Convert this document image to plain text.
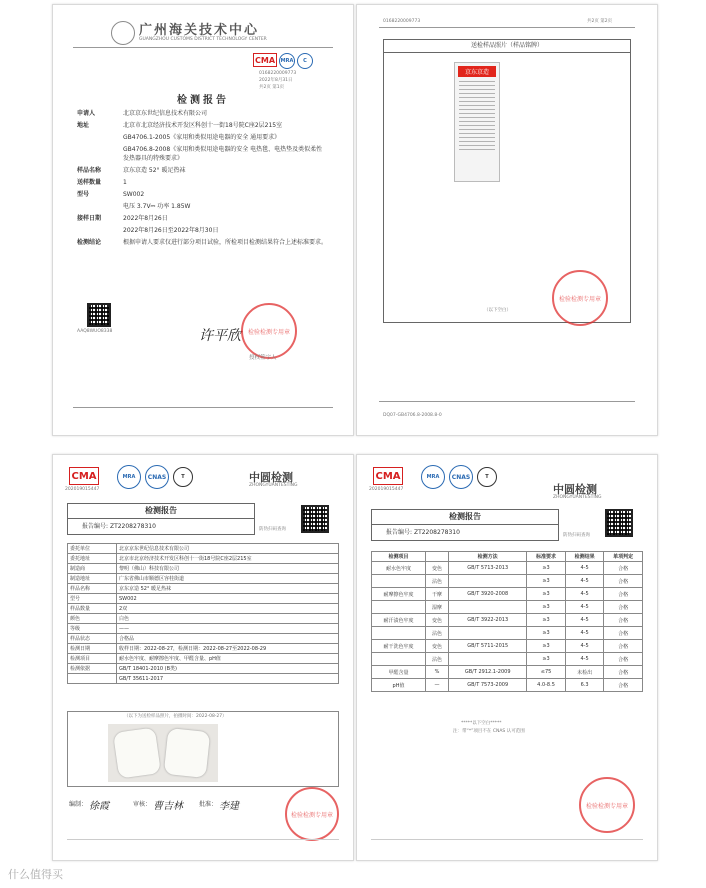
广州海关技术中心
GUANGZHOU CUSTOMS DISTRICT TECHNOLOGY CENTER
CMA	MRA	C
0168220009773
2022年8月31日
共2页 第1页
检测报告
申请人	北京京东世纪信息技术有限公司
地址	北京市北京经济技术开发区科创十一街18号院C座2层215室
GB4706.1-2005《家用和类似用途电器的安全 通用要求》
GB4706.8-2008《家用和类似用途电器的安全 电热毯、电热垫及类似柔性发热器具的特殊要求》
样品名称	京东京造 52° 暖足热袜
送样数量	1
型号	SW002
电压 3.7V⎓ 功率 1.85W
接样日期	2022年8月26日
2022年8月26日至2022年8月30日
检测结论	根据申请人要求仅进行部分项目试验，所检项目检测结果符合上述标准要求。
AAQ8WUO8338	许平欣 检验检测专用章
授权签字人
0168220009773	共2页 第2页
送检样品照片（样品铭牌）
京东京造
检验检测专用章
（以下空白）
DQ07-GB4706.8-2008.8-0
CMA
202019015447
MRA	CNAS	T	中圆检测
ZHONGYUANTESTING
检测报告
报告编号: ZT2208278310	防伪扫码查询
委托单位	北京京东世纪信息技术有限公司
委托地址	北京市北京经济技术开发区科创十一街18号院C座2层215室
制造商	黎明（佛山）科技有限公司
制造地址	广东省佛山市顺德区容桂街道
样品名称	京东京造 52° 暖足热袜
型号	SW002
样品数量	2双
颜色	白色
等级	——
样品状态	合格品
检测日期	收样日期：2022-08-27，检测日期：2022-08-27至2022-08-29
检测项目	耐水色牢度、耐摩擦色牢度、甲醛含量、pH值
检测依据	GB/T 18401-2010 (B类)
	GB/T 35611-2017
（以下为送检样品照片，拍摄时间：2022-08-27）
编制： 徐霞	审核： 曹吉林	批准： 李建
检验检测专用章
CMA
202019015447
MRA	CNAS	T
中圆检测
ZHONGYUANTESTING
检测报告
报告编号: ZT2208278310	防伪扫码查询
检测项目		检测方法	标准要求	检测结果	单项判定
耐水色牢度	变色	GB/T 5713-2013	≥3	4-5	合格
	沾色		≥3	4-5	合格
耐摩擦色牢度	干摩	GB/T 3920-2008	≥3	4-5	合格
	湿摩		≥3	4-5	合格
耐汗渍色牢度	变色	GB/T 3922-2013	≥3	4-5	合格
	沾色		≥3	4-5	合格
耐干洗色牢度	变色	GB/T 5711-2015	≥3	4-5	合格
	沾色		≥3	4-5	合格
甲醛含量	%	GB/T 2912.1-2009	≤75	未检出	合格
pH值	—	GB/T 7573-2009	4.0-8.5	6.3	合格
*****以下空白*****
注：带“*”项目不在 CNAS 认可范围
检验检测专用章
什么值得买
